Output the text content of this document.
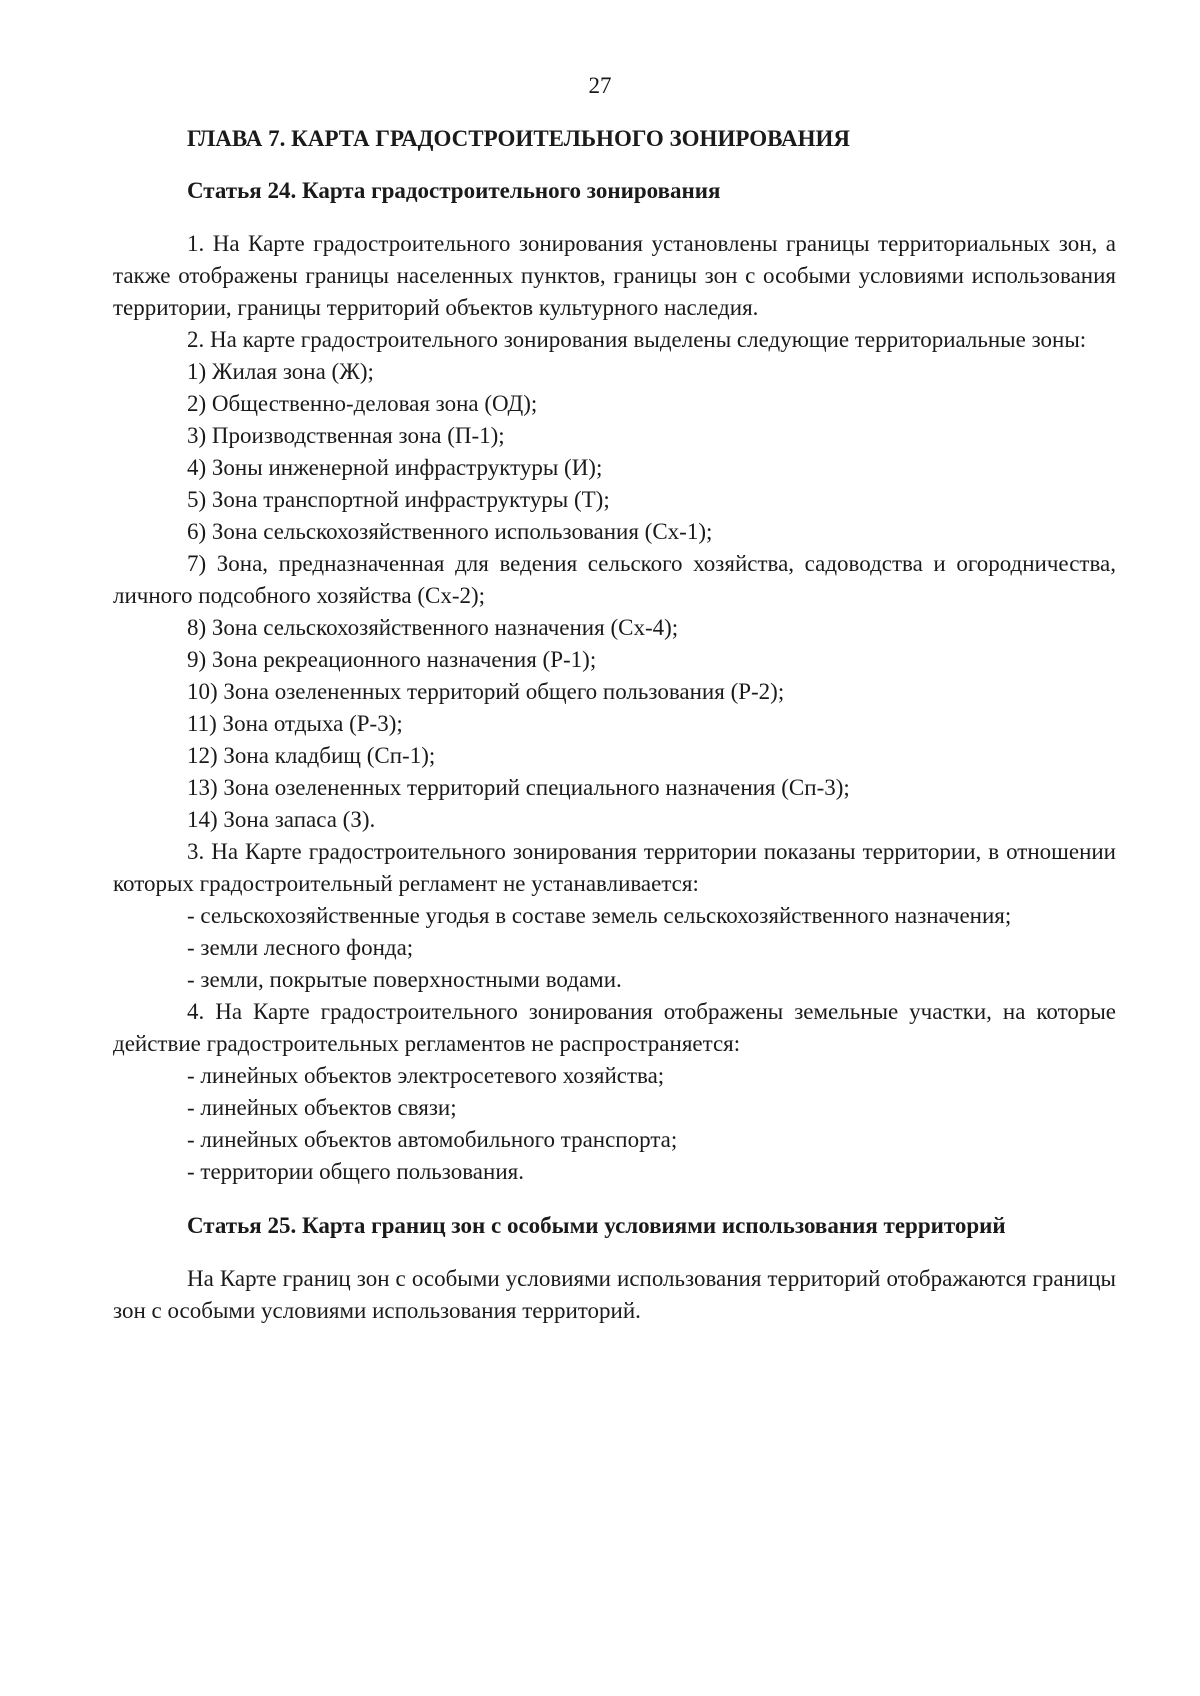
27
ГЛАВА 7. КАРТА ГРАДОСТРОИТЕЛЬНОГО ЗОНИРОВАНИЯ
Статья 24. Карта градостроительного зонирования

1. На Карте градостроительного зонирования установлены границы территориальных зон, а также отображены границы населенных пунктов, границы зон с особыми условиями использования территории, границы территорий объектов культурного наследия.

2. На карте градостроительного зонирования выделены следующие территориальные зоны:

1) Жилая зона (Ж);

2) Общественно-деловая зона (ОД);

3) Производственная зона (П-1);

4) Зоны инженерной инфраструктуры (И);

5) Зона транспортной инфраструктуры (Т);

6) Зона сельскохозяйственного использования (Сх-1);

7) Зона, предназначенная для ведения сельского хозяйства, садоводства и огородничества, личного подсобного хозяйства (Сх-2);

8) Зона сельскохозяйственного назначения (Сх-4);

9) Зона рекреационного назначения (Р-1);

10) Зона озелененных территорий общего пользования (Р-2);

11) Зона отдыха (Р-3);

12) Зона кладбищ (Сп-1);

13) Зона озелененных территорий специального назначения (Сп-3);

14) Зона запаса (З).

3. На Карте градостроительного зонирования территории показаны территории, в отношении которых градостроительный регламент не устанавливается:

- сельскохозяйственные угодья в составе земель сельскохозяйственного назначения;

- земли лесного фонда;

- земли, покрытые поверхностными водами.

4. На Карте градостроительного зонирования отображены земельные участки, на которые действие градостроительных регламентов не распространяется:

- линейных объектов электросетевого хозяйства;

- линейных объектов связи;

- линейных объектов автомобильного транспорта;

- территории общего пользования.

Статья 25. Карта границ зон с особыми условиями использования территорий

На Карте границ зон с особыми условиями использования территорий отображаются границы зон с особыми условиями использования территорий.
